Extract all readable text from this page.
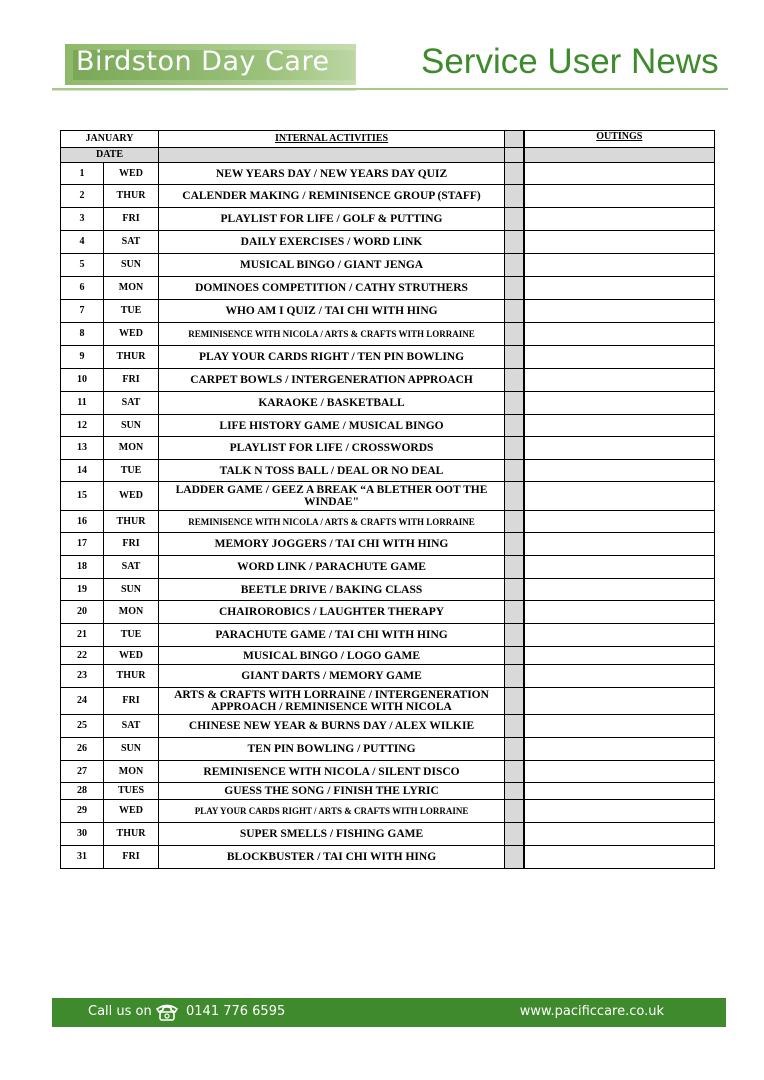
Birdston Day Care	Service User News
JANUARY		INTERNAL ACTIVITIES		OUTINGS
DATE				
1	WED	NEW YEARS DAY / NEW YEARS DAY QUIZ		
2	THUR	CALENDER MAKING / REMINISENCE GROUP (STAFF)		
3	FRI	PLAYLIST FOR LIFE / GOLF & PUTTING		
4	SAT	DAILY EXERCISES / WORD LINK		
5	SUN	MUSICAL BINGO / GIANT JENGA		
6	MON	DOMINOES COMPETITION / CATHY STRUTHERS		
7	TUE	WHO AM I QUIZ / TAI CHI WITH HING		
8	WED	REMINISENCE WITH NICOLA / ARTS & CRAFTS WITH LORRAINE		
9	THUR	PLAY YOUR CARDS RIGHT / TEN PIN BOWLING		
10	FRI	CARPET BOWLS / INTERGENERATION APPROACH		
11	SAT	KARAOKE / BASKETBALL		
12	SUN	LIFE HISTORY GAME / MUSICAL BINGO		
13	MON	PLAYLIST FOR LIFE / CROSSWORDS		
14	TUE	TALK N TOSS BALL / DEAL OR NO DEAL		
15	WED	LADDER GAME / GEEZ A BREAK “A BLETHER OOT THE WINDAE"		
16	THUR	REMINISENCE WITH NICOLA / ARTS & CRAFTS WITH LORRAINE		
17	FRI	MEMORY JOGGERS / TAI CHI WITH HING		
18	SAT	WORD LINK / PARACHUTE GAME		
19	SUN	BEETLE DRIVE / BAKING CLASS		
20	MON	CHAIROROBICS / LAUGHTER THERAPY		
21	TUE	PARACHUTE GAME / TAI CHI WITH HING		
22	WED	MUSICAL BINGO / LOGO GAME		
23	THUR	GIANT DARTS / MEMORY GAME		
24	FRI	ARTS & CRAFTS WITH LORRAINE / INTERGENERATION APPROACH / REMINISENCE WITH NICOLA		
25	SAT	CHINESE NEW YEAR & BURNS DAY / ALEX WILKIE		
26	SUN	TEN PIN BOWLING / PUTTING		
27	MON	REMINISENCE WITH NICOLA / SILENT DISCO		
28	TUES	GUESS THE SONG / FINISH THE LYRIC		
29	WED	PLAY YOUR CARDS RIGHT / ARTS & CRAFTS WITH LORRAINE		
30	THUR	SUPER SMELLS / FISHING GAME		
31	FRI	BLOCKBUSTER / TAI CHI WITH HING		
Call us on	0141 776 6595	www.pacificcare.co.uk
